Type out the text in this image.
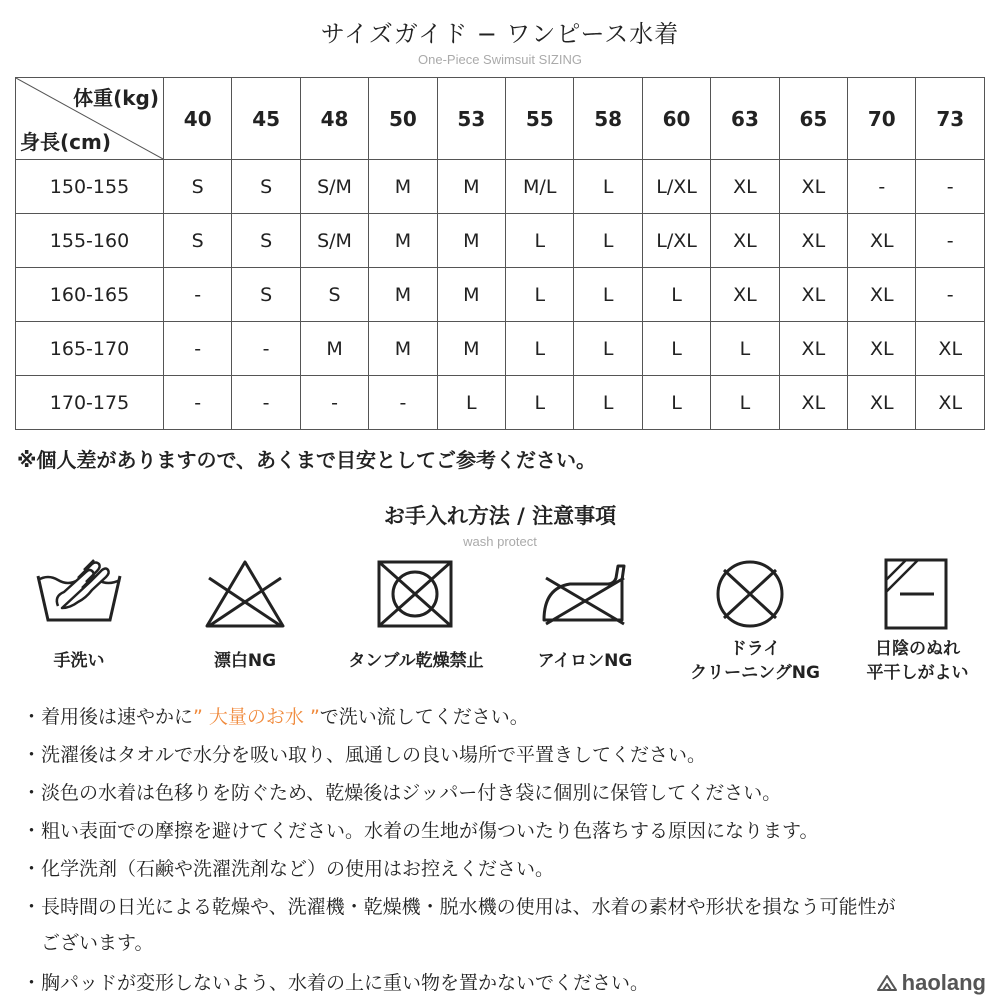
サイズガイド − ワンピース水着
One-Piece Swimsuit SIZING
体重(kg)
身長(cm)	40	45	48	50	53	55	58	60	63	65	70	73
150-155	S	S	S/M	M	M	M/L	L	L/XL	XL	XL	-	-
155-160	S	S	S/M	M	M	L	L	L/XL	XL	XL	XL	-
160-165	-	S	S	M	M	L	L	L	XL	XL	XL	-
165-170	-	-	M	M	M	L	L	L	L	XL	XL	XL
170-175	-	-	-	-	L	L	L	L	L	XL	XL	XL
※個人差がありますので、あくまで目安としてご参考ください。
お手入れ方法 / 注意事項
wash protect
手洗い	漂白NG	タンブル乾燥禁止	アイロンNG
ドライ
クリーニングNG
日陰のぬれ
平干しがよい
・着用後は速やかに” 大量のお水 ”で洗い流してください。
・洗濯後はタオルで水分を吸い取り、風通しの良い場所で平置きしてください。
・淡色の水着は色移りを防ぐため、乾燥後はジッパー付き袋に個別に保管してください。
・粗い表面での摩擦を避けてください。水着の生地が傷ついたり色落ちする原因になります。
・化学洗剤（石鹸や洗濯洗剤など）の使用はお控えください。
・長時間の日光による乾燥や、洗濯機・乾燥機・脱水機の使用は、水着の素材や形状を損なう可能性が
　ございます。
・胸パッドが変形しないよう、水着の上に重い物を置かないでください。	haolang
